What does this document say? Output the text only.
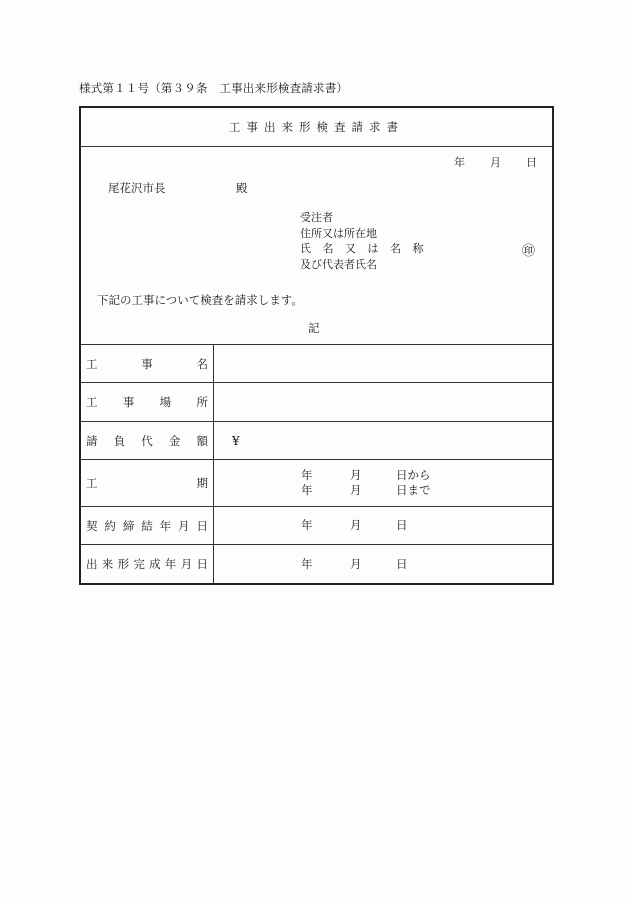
様式第１１号（第３９条　工事出来形検査請求書）
工事出来形検査請求書
工	事	名
工 事 場 所
請 負 代 金 額 ¥
工	期
年	月	日から
年	月	日まで
契 約 締 結 年 月 日	年	月	日
出 来 形 完 成 年 月 日	年	月	日
年 月 日
尾花沢市長	殿
受注者
住所又は所在地
氏 名 又 は 名 称
及び代表者氏名
㊞
下記の工事について検査を請求します。
記
